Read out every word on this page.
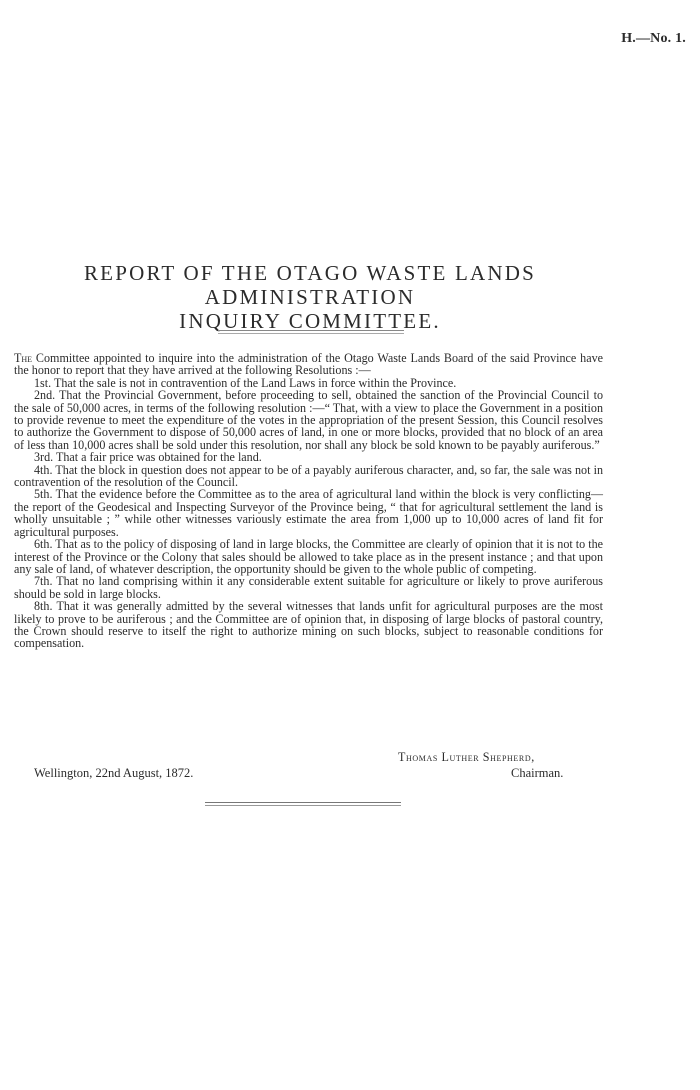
H.—No. 1.
REPORT OF THE OTAGO WASTE LANDS ADMINISTRATION
INQUIRY COMMITTEE.

The Committee appointed to inquire into the administration of the Otago Waste Lands Board of the said Province have the honor to report that they have arrived at the following Resolutions :—

1st. That the sale is not in contravention of the Land Laws in force within the Province.

2nd. That the Provincial Government, before proceeding to sell, obtained the sanction of the Provincial Council to the sale of 50,000 acres, in terms of the following resolution :—“ That, with a view to place the Government in a position to provide revenue to meet the expenditure of the votes in the appropriation of the present Session, this Council resolves to authorize the Government to dispose of 50,000 acres of land, in one or more blocks, provided that no block of an area of less than 10,000 acres shall be sold under this resolution, nor shall any block be sold known to be payably auriferous.”

3rd. That a fair price was obtained for the land.

4th. That the block in question does not appear to be of a payably auriferous character, and, so far, the sale was not in contravention of the resolution of the Council.

5th. That the evidence before the Committee as to the area of agricultural land within the block is very conflicting—the report of the Geodesical and Inspecting Surveyor of the Province being, “ that for agricultural settlement the land is wholly unsuitable ; ” while other witnesses variously estimate the area from 1,000 up to 10,000 acres of land fit for agricultural purposes.

6th. That as to the policy of disposing of land in large blocks, the Committee are clearly of opinion that it is not to the interest of the Province or the Colony that sales should be allowed to take place as in the present instance ; and that upon any sale of land, of whatever description, the opportunity should be given to the whole public of competing.

7th. That no land comprising within it any considerable extent suitable for agriculture or likely to prove auriferous should be sold in large blocks.

8th. That it was generally admitted by the several witnesses that lands unfit for agricultural purposes are the most likely to prove to be auriferous ; and the Committee are of opinion that, in disposing of large blocks of pastoral country, the Crown should reserve to itself the right to authorize mining on such blocks, subject to reasonable conditions for compensation.

Thomas Luther Shepherd,
Wellington, 22nd August, 1872.	Chairman.
